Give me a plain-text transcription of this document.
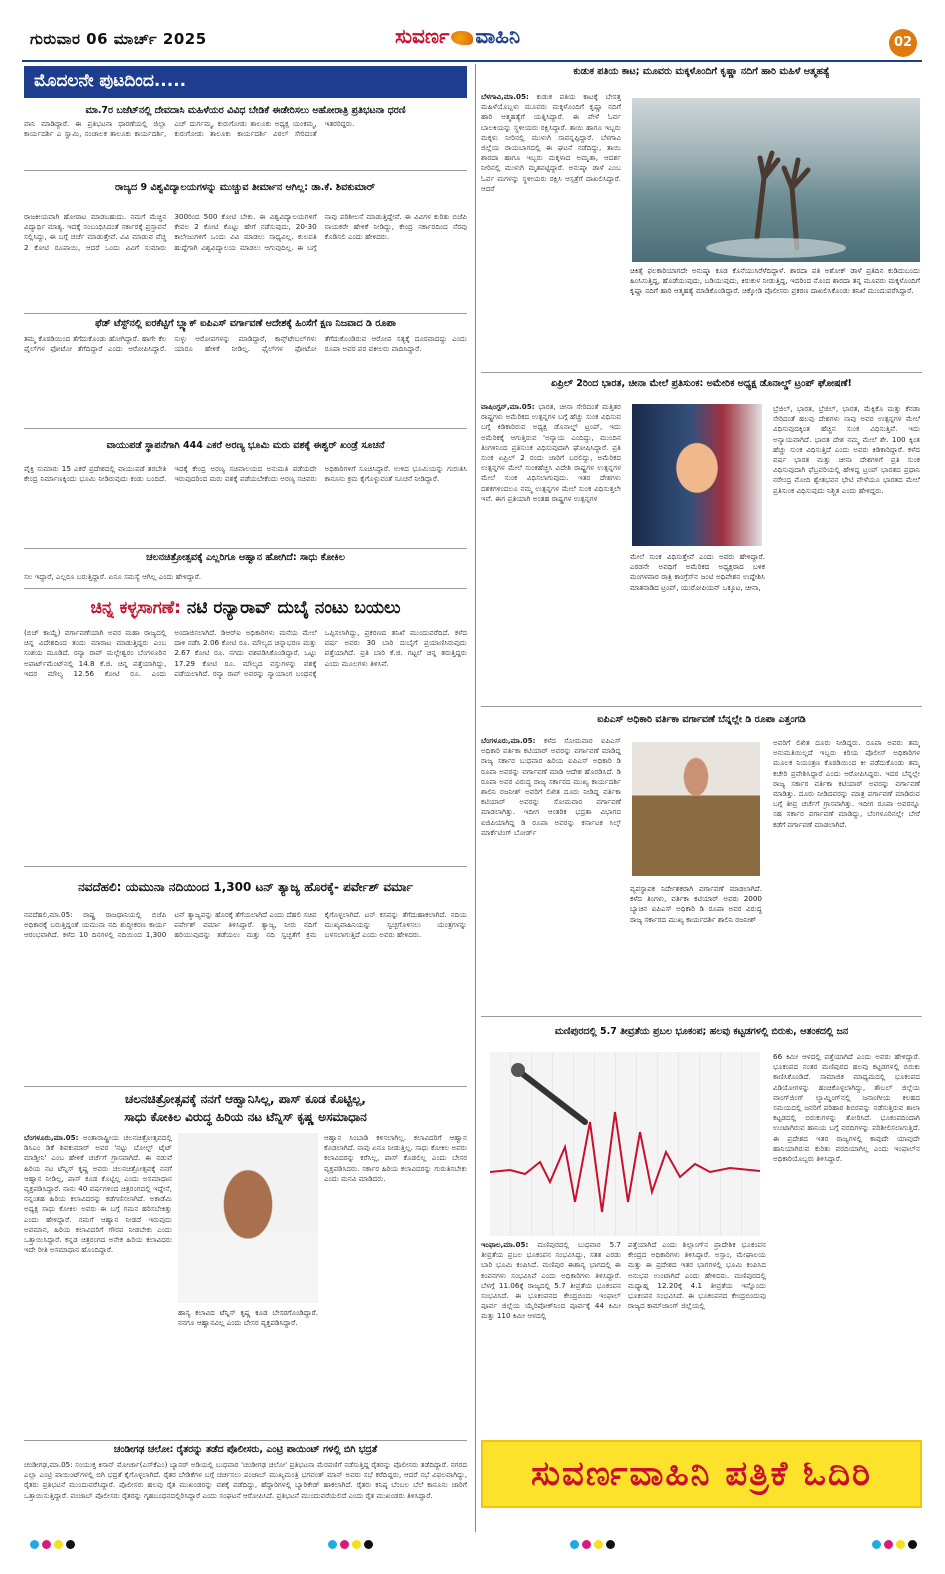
ಗುರುವಾರ 06 ಮಾರ್ಚ್ 2025	ಸುವರ್ಣ ವಾಹಿನಿ	02
ಮೊದಲನೇ ಪುಟದಿಂದ.....
ಮಾ.7ರ ಬಜೆಟ್‌ನಲ್ಲಿ ದೇವದಾಸಿ ಮಹಿಳೆಯರ ವಿವಿಧ ಬೇಡಿಕೆ ಈಡೇರಿಸಲು ಅಹೋರಾತ್ರಿ ಪ್ರತಿಭಟನಾ ಧರಣಿ
ವಾನಿ ಮಾಡಿದ್ದಾರೆ. ಈ ಪ್ರತಿಭಟನಾ ಧಾರಣೆಯಲ್ಲಿ ಜಿಲ್ಲಾ ಕಾರ್ಯದರ್ಶಿ ಎ ಸ್ವಾಮಿ, ಸಂಚಾಲಕ ತಾಲೂಕು ಕಾರ್ಯದರ್ಶಿ, ಎಚ್ ದುರ್ಗಮ್ಮ, ಕುರುಗೋಡು ತಾಲೂಕು ಅಧ್ಯಕ್ಷ ಯಂಕಮ್ಮ, ಕುರುಗೋಡು ತಾಲೂಕು ಕಾರ್ಯದರ್ಶಿ ವಿಠಲ್ ಸೇರಿದಂತೆ ಇತರರಿದ್ದರು.
ರಾಜ್ಯದ 9 ವಿಶ್ವವಿದ್ಯಾಲಯಗಳನ್ನು ಮುಚ್ಚುವ ತೀರ್ಮಾನ ಆಗಿಲ್ಲ: ಡಾ.ಕೆ. ಶಿವಕುಮಾರ್
ರಾಜಕೀಯವಾಗಿ ಹೋರಾಟ ಮಾಡಬಹುದು. ನಮಗೆ ಮೆಚ್ಚಿನ ವಿದ್ಯಾರ್ಥಿ ಮಾತ್ಯ. ಇದಕ್ಕೆ ಸಂಬಂಧಿಸಿದಂತೆ ಸರ್ಕಾರಕ್ಕೆ ಪ್ರಸ್ತಾವನೆ ಸಲ್ಲಿಸಿದ್ದು, ಈ ಬಗ್ಗೆ ಚರ್ಚೆ ಮಾಡುತ್ತೇವೆ. ವಿವಿ ಮಾಡುವ ವೆಚ್ಚ 2 ಕೋಟಿ ರೂಪಾಯಿ, ಆದರೆ ಒಂದು ವಿವಿಗೆ ಸುಮಾರು 300ರಿಂದ 500 ಕೋಟಿ ಬೇಕು. ಈ ವಿಶ್ವವಿದ್ಯಾಲಯಗಳಿಗೆ ಕೇವಲ 2 ಕೋಟಿ ಕೊಟ್ಟು ಹೇಗೆ ನಡೆಸುವುದು, 20-30 ಕಾಲೇಜುಗಳಿಗೆ ಒಂದು ವಿವಿ ಮಾಡಲು ಸಾಧ್ಯವಿಲ್ಲ. ಕುಲಪತಿ ಹುದ್ದೆಗಾಗಿ ವಿಶ್ವವಿದ್ಯಾಲಯ ಮಾಡಲು ಆಗುವುದಿಲ್ಲ. ಈ ಬಗ್ಗೆ ನಾವು ಪರಿಶೀಲನೆ ಮಾಡುತ್ತಿದ್ದೇವೆ. ಈ ವಿವಿಗಳ ಕುರಿತು ಬಿಜೆಪಿ ನಾಯಕರೇ ಹೇಳಿಕೆ ನೀಡಿದ್ದು, ಕೇಂದ್ರ ಸರ್ಕಾರದಿಂದ ನೆರವು ಕೊಡಿಸಲಿ ಎಂದು ಹೇಳಿದರು.
ಫೆಡ್ ಟೆಸ್ಟ್‌ನಲ್ಲಿ ಐರಕೆಟ್ಟಿಗೆ ಬ್ಲ್ಯಾಕ್ ಐಪಿಎಸ್ ವರ್ಗಾವಣೆ ಆದೇಶಕ್ಕೆ ಹಿಂಸೆಗೆ ಕ್ಷಣ ನಿಜವಾದ ಡಿ ರೂಪಾ
ತಮ್ಮ ಕೊಠಡಿಯಿಂದ ತೆಗೆದುಕೊಂಡು ಹೋಗಿದ್ದಾರೆ. ಹಾಗೇ ಕೆಲ ಫೈಲ್‌ಗಳ ಫೋಟೋ ತೆಗೆದಿದ್ದಾರೆ ಎಂದು ಆರೋಪಿಸಿದ್ದಾರೆ. ಸುಳ್ಳು ಆರೋಪಗಳನ್ನು ಮಾಡಿದ್ದಾರೆ, ಕಾನ್ಸ್‌ಟೇಬಲ್‌ಗಳು ಯಾರೂ ಹೇಳಿಕೆ ನೀಡಿಲ್ಲ. ಫೈಲ್‌ಗಳ ಫೋಟೋ ತೆಗೆದುಕೊಂಡಿರುವ ಆರೋಪ ಸತ್ಯಕ್ಕೆ ದೂರವಾದದ್ದು ಎಂದು ರೂಪಾ ಅವರ ಪರ ವಕೀಲರು ವಾದಿಸಿದ್ದಾರೆ.
ವಾಯುಪಡೆ ಸ್ಥಾಪನೆಗಾಗಿ 444 ಎಕರೆ ಅರಣ್ಯ ಭೂಮಿ ಮರು ವಶಕ್ಕೆ ಈಶ್ವರ್ ಖಂಡ್ರೆ ಸೂಚನೆ
ವೈಕ್ತಿ ಸುಮಾರು 15 ಎಕರೆ ಪ್ರದೇಶದಲ್ಲಿ ವಾಯುಪಡೆ ತರಬೇತಿ ಕೇಂದ್ರ ನಿರ್ಮಾಣಕ್ಕಿಂದು ಭೂಮಿ ನೀಡಿರುವುದು ಕಂಡು ಬಂದಿದೆ. ಇದಕ್ಕೆ ಕೇಂದ್ರ ಅರಣ್ಯ ಸಚಿವಾಲಯದ ಅನುಮತಿ ಪಡೆಯದೇ ಇರುವುದರಿಂದ ಮರು ವಶಕ್ಕೆ ಪಡೆಯಬೇಕೆಂದು ಅರಣ್ಯ ಸಚಿವರು ಅಧಿಕಾರಿಗಳಿಗೆ ಸೂಚಿಸಿದ್ದಾರೆ. ಉಳಿದ ಭೂಮಿಯನ್ನು ಗುರುತಿಸಿ ಕಾನೂನು ಕ್ರಮ ಕೈಗೊಳ್ಳುವಂತೆ ಸೂಚನೆ ನೀಡಿದ್ದಾರೆ.
ಚಲನಚಿತ್ರೋತ್ಸವಕ್ಕೆ ಎಲ್ಲರಿಗೂ ಆಹ್ವಾನ ಹೋಗಿದೆ: ಸಾಧು ಕೋಕಿಲ
ಸಲ ಇದ್ದಾರೆ, ಎಲ್ಲರೂ ಬರುತ್ತಿದ್ದಾರೆ. ಏನೂ ಸಮಸ್ಯೆ ಆಗಿಲ್ಲ ಎಂದು ಹೇಳಿದ್ದಾರೆ.
ಚಿನ್ನ ಕಳ್ಳಸಾಗಣೆ: ನಟಿ ರನ್ಯಾರಾವ್ ದುಬೈ ನಂಟು ಬಯಲು
(ಬಿಚ್ ಕಾಯ್ದೆ) ವರ್ಗಾವಣೆಯಾಗಿ ಅವರ ಮಹಾ ರಾಜ್ಯದಲ್ಲಿ ಚಿನ್ನ ವಿದೇಶದಿಂದ ತಂದು ಮಾರಾಟ ಮಾಡುತ್ತಿದ್ದರು ಎಂಬ ಸಂಶಯ ಮೂಡಿದೆ. ರನ್ಯಾ ರಾವ್ ಮಲ್ಲೇಶ್ವರಂ ಬೆಂಗಳೂರಿನ ಅಪಾರ್ಟ್‌ಮೆಂಟ್‌ನಲ್ಲಿ 14.8 ಕೆ.ಜಿ. ಚಿನ್ನ ಪತ್ತೆಯಾಗಿದ್ದು, ಇದರ ಮೌಲ್ಯ 12.56 ಕೋಟಿ ರೂ. ಎಂದು ಅಂದಾಜಿಸಲಾಗಿದೆ. ಡಿಆರ್‌ಐ ಅಧಿಕಾರಿಗಳು ಮನೆಯ ಮೇಲೆ ದಾಳಿ ನಡೆಸಿ 2.06 ಕೋಟಿ ರೂ. ಮೌಲ್ಯದ ಚಿನ್ನಾಭರಣ ಮತ್ತು 2.67 ಕೋಟಿ ರೂ. ನಗದು ವಶಪಡಿಸಿಕೊಂಡಿದ್ದಾರೆ. ಒಟ್ಟು 17.29 ಕೋಟಿ ರೂ. ಮೌಲ್ಯದ ವಸ್ತುಗಳನ್ನು ವಶಕ್ಕೆ ಪಡೆಯಲಾಗಿದೆ. ರನ್ಯಾ ರಾವ್ ಅವರನ್ನು ನ್ಯಾಯಾಂಗ ಬಂಧನಕ್ಕೆ ಒಪ್ಪಿಸಲಾಗಿದ್ದು, ಪ್ರಕರಣದ ತನಿಖೆ ಮುಂದುವರೆದಿದೆ. ಕಳೆದ ವರ್ಷ ಅವರು 30 ಬಾರಿ ದುಬೈಗೆ ಪ್ರಯಾಣಿಸಿರುವುದು ಪತ್ತೆಯಾಗಿದೆ. ಪ್ರತಿ ಬಾರಿ ಕೆ.ಜಿ. ಗಟ್ಟಲೆ ಚಿನ್ನ ತರುತ್ತಿದ್ದರು ಎಂದು ಮೂಲಗಳು ತಿಳಿಸಿವೆ.
ನವದೆಹಲಿ: ಯಮುನಾ ನದಿಯಿಂದ 1,300 ಟನ್ ತ್ಯಾಜ್ಯ ಹೊರಕ್ಕೆ- ಪರ್ವೇಶ್ ವರ್ಮಾ
ನವದೆಹಲಿ,ಮಾ.05: ರಾಷ್ಟ್ರ ರಾಜಧಾನಿಯಲ್ಲಿ ಬಿಜೆಪಿ ಅಧಿಕಾರಕ್ಕೆ ಬರುತ್ತಿದ್ದಂತೆ ಯಮುನಾ ನದಿ ಶುದ್ಧೀಕರಣ ಕಾರ್ಯ ಆರಂಭವಾಗಿದೆ. ಕಳೆದ 10 ದಿನಗಳಲ್ಲಿ ನದಿಯಿಂದ 1,300 ಟನ್ ತ್ಯಾಜ್ಯವನ್ನು ಹೊರಕ್ಕೆ ತೆಗೆಯಲಾಗಿದೆ ಎಂದು ದೆಹಲಿ ಸಚಿವ ಪರ್ವೇಶ್ ವರ್ಮಾ ತಿಳಿಸಿದ್ದಾರೆ. ತ್ಯಾಜ್ಯ, ನೀರು ನದಿಗೆ ಹರಿಯುವುದನ್ನು ತಡೆಯಲು ಮತ್ತು ನದಿ ಸ್ವಚ್ಛತೆಗೆ ಕ್ರಮ ಕೈಗೊಳ್ಳಲಾಗಿದೆ. ಟನ್ ಕಸವನ್ನು ತೆಗೆದುಹಾಕಲಾಗಿದೆ. ನದಿಯ ಮುಖ್ಯವಾಹಿನಿಯನ್ನು ಸ್ವಚ್ಛಗೊಳಿಸಲು ಯಂತ್ರಗಳನ್ನು ಬಳಸಲಾಗುತ್ತಿದೆ ಎಂದು ಅವರು ಹೇಳಿದರು.
ಚಲನಚಿತ್ರೋತ್ಸವಕ್ಕೆ ನನಗೆ ಆಹ್ವಾನಿಸಿಲ್ಲ, ಪಾಸ್ ಕೂಡ ಕೊಟ್ಟಿಲ್ಲ,
ಸಾಧು ಕೋಕಿಲ ವಿರುದ್ಧ ಹಿರಿಯ ನಟ ಟೆನ್ನಿಸ್ ಕೃಷ್ಣ ಅಸಮಾಧಾನ
ಬೆಂಗಳೂರು,ಮಾ.05: ಅಂತಾರಾಷ್ಟ್ರೀಯ ಚಲನಚಿತ್ರೋತ್ಸವದಲ್ಲಿ ಡಿಸಿಎಂ ಡಿಕೆ ಶಿವಕುಮಾರ್ ಅವರ 'ನಟ್ಟು ಬೋಲ್ಟ್ ಟೈಟ್ ಮಾಡ್ತೀನಿ' ಎಂಬ ಹೇಳಿಕೆ ಚರ್ಚೆಗೆ ಗ್ರಾಸವಾಗಿದೆ. ಈ ನಡುವೆ ಹಿರಿಯ ನಟ ಟೆನ್ನಿಸ್ ಕೃಷ್ಣ ಅವರು ಚಲನಚಿತ್ರೋತ್ಸವಕ್ಕೆ ನನಗೆ ಆಹ್ವಾನ ನೀಡಿಲ್ಲ, ಪಾಸ್ ಕೂಡ ಕೊಟ್ಟಿಲ್ಲ ಎಂದು ಅಸಮಾಧಾನ ವ್ಯಕ್ತಪಡಿಸಿದ್ದಾರೆ. ನಾನು 40 ವರ್ಷಗಳಿಂದ ಚಿತ್ರರಂಗದಲ್ಲಿ ಇದ್ದೇನೆ, ನನ್ನಂತಹ ಹಿರಿಯ ಕಲಾವಿದರನ್ನು ಕಡೆಗಣಿಸಲಾಗಿದೆ. ಅಕಾಡೆಮಿ ಅಧ್ಯಕ್ಷ ಸಾಧು ಕೋಕಿಲ ಅವರು ಈ ಬಗ್ಗೆ ಗಮನ ಹರಿಸಬೇಕಿತ್ತು ಎಂದು ಹೇಳಿದ್ದಾರೆ. ನಮಗೆ ಆಹ್ವಾನ ನೀಡದೆ ಇರುವುದು ಅವಮಾನ, ಹಿರಿಯ ಕಲಾವಿದರಿಗೆ ಗೌರವ ನೀಡಬೇಕು ಎಂದು ಒತ್ತಾಯಿಸಿದ್ದಾರೆ. ಕನ್ನಡ ಚಿತ್ರರಂಗದ ಅನೇಕ ಹಿರಿಯ ಕಲಾವಿದರು ಇದೇ ರೀತಿ ಅಸಮಾಧಾನ ಹೊಂದಿದ್ದಾರೆ.
ಹಾಸ್ಯ ಕಲಾವಿದ ಟೆನ್ನಿಸ್ ಕೃಷ್ಣ ಕೂಡ ಬೇಸರಗೊಂಡಿದ್ದಾರೆ. ನನಗೂ ಆಹ್ವಾನವಿಲ್ಲ ಎಂದು ಬೇಸರ ವ್ಯಕ್ತಪಡಿಸಿದ್ದಾರೆ.
ಆಹ್ವಾನ ಸಿಂಬಾಡಿ ಕಳಿಸಲಾಗಿಲ್ಲ. ಕಲಾವಿದರಿಗೆ ಆಹ್ವಾನ ಕೊಡಲಾಗಿದೆ. ನಾವು ಏನೂ ನೀಡುತ್ತಿಲ್ಲ. ಸಾಧು ಕೋಕಿಲ ಅವರು ಕಲಾವಿದರನ್ನು ಕರೆಸಿಲ್ಲ, ಪಾಸ್ ಕೊಡಲಿಲ್ಲ ಎಂದು ಬೇಸರ ವ್ಯಕ್ತಪಡಿಸಿದರು. ಸರ್ಕಾರ ಹಿರಿಯ ಕಲಾವಿದರನ್ನು ಗುರುತಿಸಬೇಕು ಎಂದು ಮನವಿ ಮಾಡಿದರು.
ಚಂಡೀಗಢ ಚಲೋ: ರೈತರನ್ನು ತಡೆದ ಪೊಲೀಸರು, ಎಂಟ್ರಿ ಪಾಯಿಂಟ್ ಗಳಲ್ಲಿ ಬಿಗಿ ಭದ್ರತೆ
ಚಂಡೀಗಢ,ಮಾ.05: ಸಂಯುಕ್ತ ಕಿಸಾನ್ ಮೋರ್ಚಾ(ಎಸ್‌ಕೆಎಂ) ಬ್ಯಾನರ್ ಅಡಿಯಲ್ಲಿ ಬುಧವಾರ 'ಚಂಡೀಗಢ ಚಲೋ' ಪ್ರತಿಭಟನಾ ಮೆರವಣಿಗೆ ನಡೆಸುತ್ತಿದ್ದ ರೈತರನ್ನು ಪೊಲೀಸರು ತಡೆದಿದ್ದಾರೆ. ನಗರದ ಎಲ್ಲಾ ಎಂಟ್ರಿ ಪಾಯಿಂಟ್‌ಗಳಲ್ಲಿ ಬಿಗಿ ಭದ್ರತೆ ಕೈಗೊಳ್ಳಲಾಗಿದೆ. ರೈತರ ಬೇಡಿಕೆಗಳ ಬಗ್ಗೆ ಚರ್ಚಿಸಲು ಪಂಜಾಬ್ ಮುಖ್ಯಮಂತ್ರಿ ಭಗವಂತ್ ಮಾನ್ ಅವರು ಸಭೆ ಕರೆದಿದ್ದರು, ಆದರೆ ಸಭೆ ವಿಫಲವಾಗಿದ್ದು, ರೈತರು ಪ್ರತಿಭಟನೆ ಮುಂದುವರೆಸಿದ್ದಾರೆ. ಪೊಲೀಸರು ಹಲವು ರೈತ ಮುಖಂಡರನ್ನು ವಶಕ್ಕೆ ಪಡೆದಿದ್ದು, ಹೆದ್ದಾರಿಗಳಲ್ಲಿ ಬ್ಯಾರಿಕೇಡ್ ಹಾಕಲಾಗಿದೆ. ರೈತರು ಕನಿಷ್ಠ ಬೆಂಬಲ ಬೆಲೆ ಕಾನೂನು ಜಾರಿಗೆ ಒತ್ತಾಯಿಸುತ್ತಿದ್ದಾರೆ. ಪಂಜಾಬ್ ಪೊಲೀಸರು ರೈತರನ್ನು ಗೃಹಬಂಧನದಲ್ಲಿರಿಸಿದ್ದಾರೆ ಎಂದು ಸಂಘಟನೆ ಆರೋಪಿಸಿದೆ. ಪ್ರತಿಭಟನೆ ಮುಂದುವರೆಯಲಿದೆ ಎಂದು ರೈತ ಮುಖಂಡರು ತಿಳಿಸಿದ್ದಾರೆ.
ಕುಡುಕ ಪತಿಯ ಕಾಟ; ಮೂವರು ಮಕ್ಕಳೊಂದಿಗೆ ಕೃಷ್ಣಾ ನದಿಗೆ ಹಾರಿ ಮಹಿಳೆ ಆತ್ಮಹತ್ಯೆ
ಬೆಳಗಾವಿ,ಮಾ.05: ಕುಡುಕ ಪತಿಯ ಕಾಟಕ್ಕೆ ಬೇಸತ್ತ ಮಹಿಳೆಯೊಬ್ಬಳು ಮೂವರು ಮಕ್ಕಳೊಂದಿಗೆ ಕೃಷ್ಣಾ ನದಿಗೆ ಹಾರಿ ಆತ್ಮಹತ್ಯೆಗೆ ಯತ್ನಿಸಿದ್ದಾರೆ. ಈ ವೇಳೆ ಓರ್ವ ಬಾಲಕಿಯನ್ನು ಸ್ಥಳೀಯರು ರಕ್ಷಿಸಿದ್ದಾರೆ. ತಾಯಿ ಹಾಗೂ ಇಬ್ಬರು ಮಕ್ಕಳು ನೀರಿನಲ್ಲಿ ಮುಳುಗಿ ಸಾವನ್ನಪ್ಪಿದ್ದಾರೆ. ಬೆಳಗಾವಿ ಜಿಲ್ಲೆಯ ರಾಯಬಾಗದಲ್ಲಿ ಈ ಘಟನೆ ನಡೆದಿದ್ದು, ತಾಯಿ ಶಾರದಾ ಹಾಗೂ ಇಬ್ಬರು ಮಕ್ಕಳಾದ ಅಮೃತಾ, ಆದರ್ಶ ನೀರಿನಲ್ಲಿ ಮುಳುಗಿ ಮೃತಪಟ್ಟಿದ್ದಾರೆ. ಅನುಷ್ಕಾ ಡಾಳೆ ಎಂಬ ಓರ್ವ ಮಗಳನ್ನು ಸ್ಥಳೀಯರು ರಕ್ಷಿಸಿ ಆಸ್ಪತ್ರೆಗೆ ದಾಖಲಿಸಿದ್ದಾರೆ. ಆದರೆ
ಚಿಕಿತ್ಸೆ ಫಲಕಾರಿಯಾಗದೇ ಅನುಷ್ಕಾ ಕೂಡ ಕೊನೆಯುಸಿರೆಳೆದಿದ್ದಾಳೆ. ಶಾರದಾ ಪತಿ ಅಶೋಕ್ ಡಾಳೆ ಪ್ರತಿದಿನ ಕುಡಿದುಬಂದು ಹಿಂಸಿಸುತ್ತಿದ್ದ, ಹೊಡೆಯುವುದು, ಬಡಿಯುವುದು, ಕಿರುಕುಳ ನೀಡುತ್ತಿದ್ದ, ಇದರಿಂದ ನೊಂದ ಶಾರದಾ ತನ್ನ ಮೂವರು ಮಕ್ಕಳೊಂದಿಗೆ ಕೃಷ್ಣಾ ನದಿಗೆ ಹಾರಿ ಆತ್ಮಹತ್ಯೆ ಮಾಡಿಕೊಂಡಿದ್ದಾರೆ. ಚಿಕ್ಕೋಡಿ ಪೊಲೀಸರು ಪ್ರಕರಣ ದಾಖಲಿಸಿಕೊಂಡು ತನಿಖೆ ಮುಂದುವರೆಸಿದ್ದಾರೆ.
ಏಪ್ರಿಲ್ 2ರಿಂದ ಭಾರತ, ಚೀನಾ ಮೇಲೆ ಪ್ರತಿಸುಂಕ: ಅಮೇರಿಕ ಅಧ್ಯಕ್ಷ ಡೊನಾಲ್ಡ್ ಟ್ರಂಪ್ ಘೋಷಣೆ!
ವಾಷಿಂಗ್ಟನ್,ಮಾ.05: ಭಾರತ, ಚೀನಾ ಸೇರಿದಂತೆ ಮತ್ತಿತರ ರಾಷ್ಟ್ರಗಳು ಅಮೆರಿಕದ ಉತ್ಪನ್ನಗಳ ಬಗ್ಗೆ ಹೆಚ್ಚು ಸುಂಕ ವಿಧಿಸುವ ಬಗ್ಗೆ ಕಿಡಿಕಾರಿರುವ ಅಧ್ಯಕ್ಷ ಡೊನಾಲ್ಡ್ ಟ್ರಂಪ್, ಇದು ಅಮೆರಿಕಕ್ಕೆ ಆಗುತ್ತಿರುವ 'ಅನ್ಯಾಯ ಎಂದಿದ್ದು, ಮುಂದಿನ ತಿಂಗಳಿನಿಂದ ಪ್ರತಿಸುಂಕ ವಿಧಿಸುವುದಾಗಿ ಘೋಷಿಸಿದ್ದಾರೆ. ಪ್ರತಿ ಸುಂಕ ಏಪ್ರಿಲ್ 2 ರಂದು ಜಾರಿಗೆ ಬರಲಿದ್ದು, ಅಮೆರಿಕದ ಉತ್ಪನ್ನಗಳ ಮೇಲೆ ಸುಂಕಹೆಚ್ಚಿಸಿ ವಿದೇಶಿ ರಾಷ್ಟ್ರಗಳ ಉತ್ಪನ್ನಗಳ ಮೇಲೆ ಸುಂಕ ವಿಧಿಸಲಾಗುವುದು. ಇತರ ದೇಶಗಳು ದಶಕಗಳಿಂದಲೂ ನಮ್ಮ ಉತ್ಪನ್ನಗಳ ಮೇಲೆ ಸುಂಕ ವಿಧಿಸುತ್ತಲೇ ಇವೆ. ಈಗ ಪ್ರತಿಯಾಗಿ ಅಂತಹ ರಾಷ್ಟ್ರಗಳ ಉತ್ಪನ್ನಗಳ
ಮೇಲೆ ಸುಂಕ ವಿಧಿಸುತ್ತೇವೆ ಎಂದು ಅವರು ಹೇಳಿದ್ದಾರೆ. ಎರಡನೇ ಅವಧಿಗೆ ಅಮೆರಿಕದ ಅಧ್ಯಕ್ಷರಾದ ಬಳಿಕ ಮಂಗಳವಾರ ರಾತ್ರಿ ಕಾಂಗ್ರೆಸ್‌ನ ಜಂಟಿ ಅಧಿವೇಶನ ಉದ್ದೇಶಿಸಿ ಮಾತನಾಡಿದ ಟ್ರಂಪ್, ಯುರೋಪಿಯನ್ ಒಕ್ಕೂಟ, ಚೀನಾ,
ಬ್ರೆಜಿಲ್, ಭಾರತ, ಬ್ರೆಜಿಲ್, ಭಾರತ, ಮೆಕ್ಸಿಕೊ ಮತ್ತು ಕೆನಡಾ ಸೇರಿದಂತೆ ಹಲವು ದೇಶಗಳು ನಾವು ಅವರ ಉತ್ಪನ್ನಗಳ ಮೇಲೆ ವಿಧಿಸುವುದಕ್ಕಿಂತ ಹೆಚ್ಚಿನ ಸುಂಕ ವಿಧಿಸುತ್ತಿವೆ. ಇದು ಅನ್ಯಾಯವಾಗಿದೆ. ಭಾರತ ದೇಶ ನಮ್ಮ ಮೇಲೆ ಶೇ. 100 ಕ್ಕಿಂತ ಹೆಚ್ಚು ಸುಂಕ ವಿಧಿಸುತ್ತಿದೆ ಎಂದು ಅವರು ಕಿಡಿಕಾರಿದ್ದಾರೆ. ಕಳೆದ ವರ್ಷ ಭಾರತ ಮತ್ತು ಚೀನಾ ದೇಶಗಳಿಗೆ ಪ್ರತಿ ಸುಂಕ ವಿಧಿಸುವುದಾಗಿ ಫೆಬ್ರವರಿಯಲ್ಲಿ ಹೇಳಿದ್ದ ಟ್ರಂಪ್ ಭಾರತದ ಪ್ರಧಾನಿ ನರೇಂದ್ರ ಮೋದಿ ಶ್ವೇತಭವನ ಭೇಟಿ ವೇಳೆಯೂ ಭಾರತದ ಮೇಲೆ ಪ್ರತಿಸುಂಕ ವಿಧಿಸುವುದು ನಿಶ್ಚಿತ ಎಂದು ಹೇಳಿದ್ದರು.
ಐಪಿಎಸ್ ಅಧಿಕಾರಿ ವರ್ತಿಕಾ ವರ್ಗಾವಣೆ ಬೆನ್ನಲ್ಲೇ ಡಿ ರೂಪಾ ಎತ್ತಂಗಡಿ
ಬೆಂಗಳೂರು,ಮಾ.05: ಕಳೆದ ಸೋಮವಾರ ಐಪಿಎಸ್ ಅಧಿಕಾರಿ ವರ್ತಿಕಾ ಕಟಿಯಾರ್ ಅವರನ್ನು ವರ್ಗಾವಣೆ ಮಾಡಿದ್ದ ರಾಜ್ಯ ಸರ್ಕಾರ ಬುಧವಾರ ಹಿರಿಯ ಐಪಿಎಸ್ ಅಧಿಕಾರಿ ಡಿ ರೂಪಾ ಅವರನ್ನು ವರ್ಗಾವಣೆ ಮಾಡಿ ಆದೇಶ ಹೊರಡಿಸಿದೆ. ಡಿ ರೂಪಾ ಅವರ ವಿರುದ್ಧ ರಾಜ್ಯ ಸರ್ಕಾರದ ಮುಖ್ಯ ಕಾರ್ಯದರ್ಶಿ ಶಾಲಿನಿ ರಜನೀಶ್ ಅವರಿಗೆ ಲಿಖಿತ ದೂರು ನೀಡಿದ್ದ ವರ್ತಿಕಾ ಕಟಿಯಾರ್ ಅವರನ್ನು ಸೋಮವಾರ ವರ್ಗಾವಣೆ ಮಾಡಲಾಗಿತ್ತು. ಇದೀಗ ಆಂತರಿಕ ಭದ್ರತಾ ವಿಭಾಗದ ಐಜಿಪಿಯಾಗಿದ್ದ ಡಿ ರೂಪಾ ಅವರನ್ನು ಕರ್ನಾಟಕ ಸಿಲ್ಕ್ ಮಾರ್ಕೆಟಿಂಗ್ ಬೋರ್ಡ್
ವ್ಯವಸ್ಥಾಪಕ ನಿರ್ದೇಶಕರಾಗಿ ವರ್ಗಾವಣೆ ಮಾಡಲಾಗಿದೆ. ಕಳೆದ ತಿಂಗಳು, ವರ್ತಿಕಾ ಕಟಿಯಾರ್ ಅವರು 2000 ಬ್ಯಾಚಿನ ಐಪಿಎಸ್ ಅಧಿಕಾರಿ ಡಿ ರೂಪಾ ಅವರ ವಿರುದ್ಧ ರಾಜ್ಯ ಸರ್ಕಾರದ ಮುಖ್ಯ ಕಾರ್ಯದರ್ಶಿ ಶಾಲಿನಿ ರಜನೀಶ್
ಅವರಿಗೆ ಲಿಖಿತ ದೂರು ನೀಡಿದ್ದರು. ರೂಪಾ ಅವರು ತಮ್ಮ ಅನುಮತಿಯಿಲ್ಲದೆ ಇಬ್ಬರು ಕಿರಿಯ ಪೊಲೀಸ್ ಅಧಿಕಾರಿಗಳ ಮೂಲಕ ನಿಯಂತ್ರಣ ಕೊಠಡಿಯಿಂದ ಕೀ ಪಡೆದುಕೊಂಡು ತಮ್ಮ ಕಚೇರಿ ಪ್ರವೇಶಿಸಿದ್ದಾರೆ ಎಂದು ಆರೋಪಿಸಿದ್ದರು. ಇದರ ಬೆನ್ನಲ್ಲೇ ರಾಜ್ಯ ಸರ್ಕಾರ ವರ್ತಿಕಾ ಕಟಿಯಾರ್ ಅವರನ್ನು ವರ್ಗಾವಣೆ ಮಾಡಿತ್ತು. ದೂರು ನೀಡಿದವರನ್ನು ಮಾತ್ರ ವರ್ಗಾವಣೆ ಮಾಡಿರುವ ಬಗ್ಗೆ ತೀವ್ರ ಚರ್ಚೆಗೆ ಗ್ರಾಸವಾಗಿತ್ತು. ಇದೀಗ ರೂಪಾ ಅವರನ್ನೂ ಸಹ ಸರ್ಕಾರ ವರ್ಗಾವಣೆ ಮಾಡಿದ್ದು, ಬೆಂಗಳೂರಿನಲ್ಲೇ ಬೇರೆ ಕಡೆಗೆ ವರ್ಗಾವಣೆ ಮಾಡಲಾಗಿದೆ.
ಮಣಿಪುರದಲ್ಲಿ 5.7 ತೀವ್ರತೆಯ ಪ್ರಬಲ ಭೂಕಂಪ; ಹಲವು ಕಟ್ಟಡಗಳಲ್ಲಿ ಬಿರುಕು, ಆತಂಕದಲ್ಲಿ ಜನ
66 ಕಿಮೀ ಆಳದಲ್ಲಿ ಪತ್ತೆಯಾಗಿದೆ ಎಂದು ಅವರು ಹೇಳಿದ್ದಾರೆ. ಭೂಕಂಪದ ನಂತರ ಮಣಿಪುರದ ಹಲವು ಕಟ್ಟಡಗಳಲ್ಲಿ ಬಿರುಕು ಕಾಣಿಸಿಕೊಂಡಿದೆ. ಸಾಮಾಜಿಕ ಮಾಧ್ಯಮದಲ್ಲಿ ಭೂಕಂಪದ ವಿಡಿಯೋಗಳನ್ನು ಹಂಚಿಕೊಳ್ಳಲಾಗಿದ್ದು, ತೌಬಲ್ ಜಿಲ್ಲೆಯ ವಾಂಗ್‌ಜಿಂಗ್ ಲ್ಯಾಮ್ಡಿಂಗ್‌ನಲ್ಲಿ ಜನಾಂಗೀಯ ಕಲಹದ ಸಮಯದಲ್ಲಿ ಜನರಿಗೆ ಪರಿಹಾರ ಶಿಬಿರವನ್ನು ನಡೆಸುತ್ತಿರುವ ಶಾಲಾ ಕಟ್ಟಡದಲ್ಲಿ ಬಿರುಕುಗಳನ್ನು ತೋರಿಸಿದೆ. ಭೂಕಂಪದಿಂದಾಗಿ ಉಂಟಾಗಿರುವ ಹಾನಿಯ ಬಗ್ಗೆ ವರದಿಗಳನ್ನು ಪರಿಶೀಲಿಸಲಾಗುತ್ತಿದೆ. ಈ ಪ್ರದೇಶದ ಇತರ ರಾಜ್ಯಗಳಲ್ಲಿ ಕಾವುದೇ ಯಾವುದೇ ಹಾನಿಯಾಗಿರುವ ಕುರಿತು ವರದಿಯಾಗಿಲ್ಲ ಎಂದು ಇಂಫಾಲ್‌ನ ಅಧಿಕಾರಿಯೊಬ್ಬರು ತಿಳಿಸಿದ್ದಾರೆ.
ಇಂಫಾಲ,ಮಾ.05: ಮಣಿಪುರದಲ್ಲಿ ಬುಧವಾರ 5.7 ತೀವ್ರತೆಯ ಪ್ರಬಲ ಭೂಕಂಪನ ಸಂಭವಿಸಿದ್ದು, ಸತತ ಎರಡು ಬಾರಿ ಭೂಮಿ ಕಂಪಿಸಿದೆ. ಮಣಿಪುರ ಈಶಾನ್ಯ ಭಾಗದಲ್ಲಿ ಈ ಕಂಪನಗಳು ಸಂಭವಿಸಿವೆ ಎಂದು ಅಧಿಕಾರಿಗಳು ತಿಳಿಸಿದ್ದಾರೆ. ಬೆಳಗ್ಗೆ 11.06ಕ್ಕೆ ರಾಜ್ಯದಲ್ಲಿ 5.7 ತೀವ್ರತೆಯ ಭೂಕಂಪನ ಸಂಭವಿಸಿದೆ. ಈ ಭೂಕಂಪನದ ಕೇಂದ್ರಬಿಂದು ಇಂಫಾಲ್ ಪೂರ್ವ ಜಿಲ್ಲೆಯ ಯೈರಿಪೋಕ್‌ನಿಂದ ಪೂರ್ವಕ್ಕೆ 44 ಕಿಮೀ ಮತ್ತು 110 ಕಿಮೀ ಆಳದಲ್ಲಿ
ಪತ್ತೆಯಾಗಿದೆ ಎಂದು ಶಿಲ್ಲಾಂಗ್‌ನ ಪ್ರಾದೇಶಿಕ ಭೂಕಂಪನ ಕೇಂದ್ರದ ಅಧಿಕಾರಿಗಳು ತಿಳಿಸಿದ್ದಾರೆ. ಅಸ್ಸಾಂ, ಮೇಘಾಲಯ ಮತ್ತು ಈ ಪ್ರದೇಶದ ಇತರ ಭಾಗಗಳಲ್ಲಿ ಭೂಮಿ ಕಂಪಿಸಿದ ಅನುಭವ ಉಂಟಾಗಿದೆ ಎಂದು ಹೇಳಿದರು. ಮಣಿಪುರದಲ್ಲಿ ಮಧ್ಯಾಹ್ನ 12.20ಕ್ಕೆ 4.1 ತೀವ್ರತೆಯ ಇನ್ನೊಂದು ಭೂಕಂಪನ ಸಂಭವಿಸಿದೆ. ಈ ಭೂಕಂಪನದ ಕೇಂದ್ರಬಿಂದುವು ರಾಜ್ಯದ ಕಾಮ್‌ಜಾಂಗ್ ಜಿಲ್ಲೆಯಲ್ಲಿ
ಸುವರ್ಣವಾಹಿನಿ ಪತ್ರಿಕೆ ಓದಿರಿ
